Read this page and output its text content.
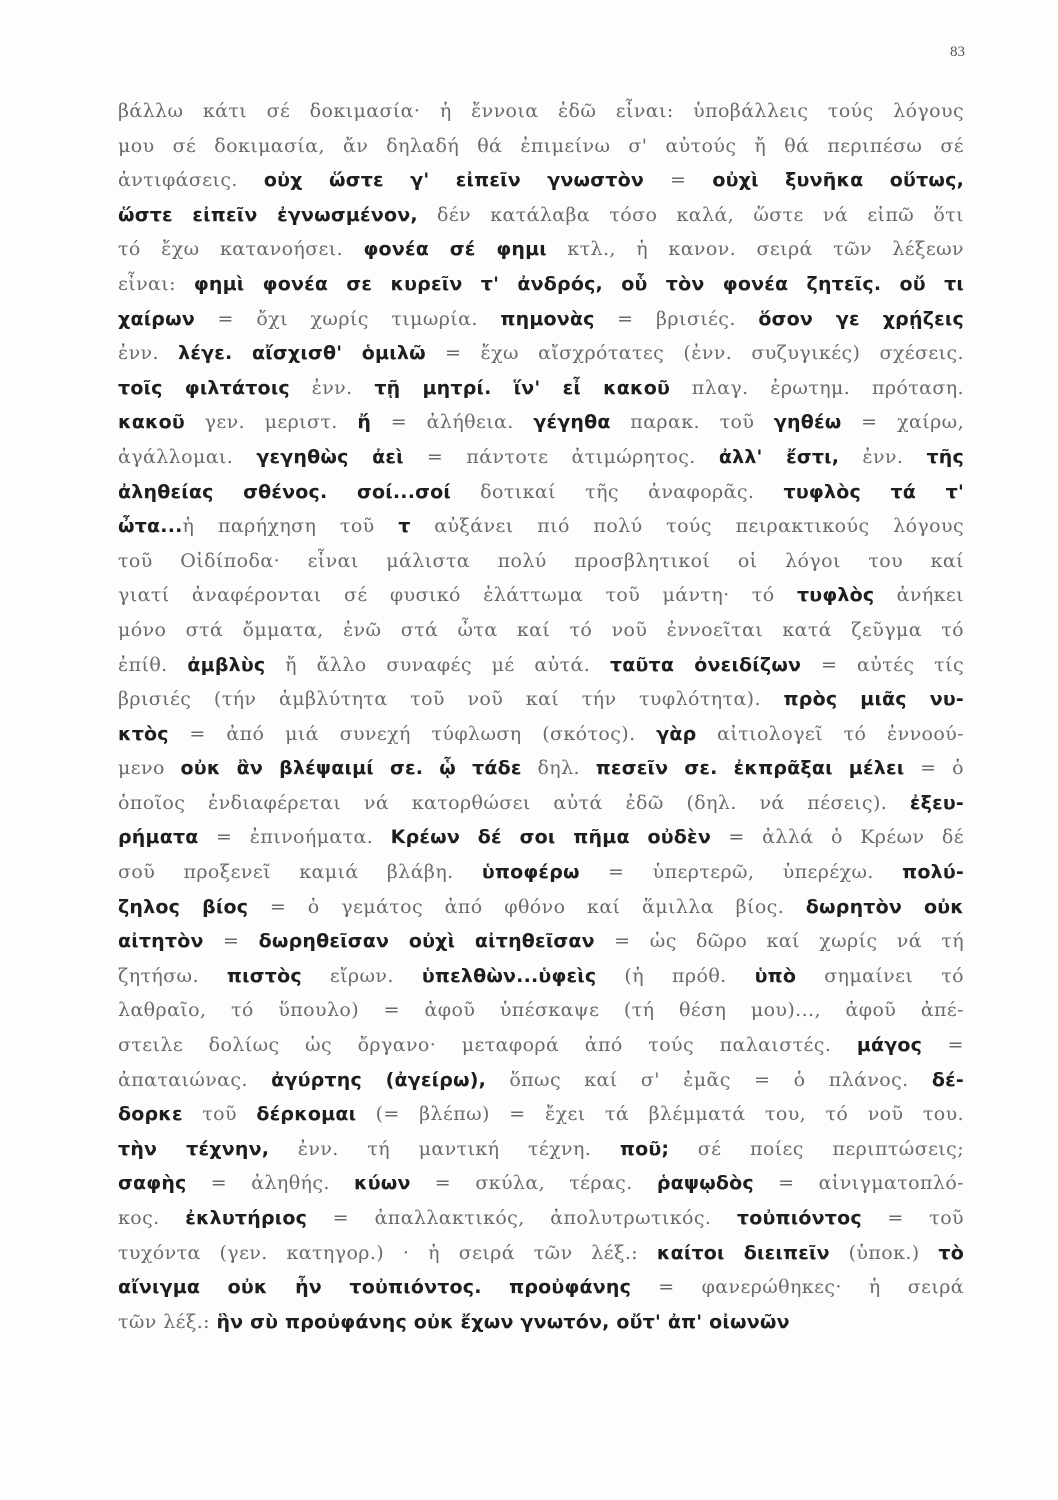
83
βάλλω κάτι σέ δοκιμασία· ἡ ἔννοια ἐδῶ εἶναι: ὑποβάλλεις τούς λόγους
μου σέ δοκιμασία, ἄν δηλαδή θά ἐπιμείνω σ' αὐτούς ἤ θά περιπέσω σέ
ἀντιφάσεις. οὐχ ὥστε γ' εἰπεῖν γνωστὸν = οὐχὶ ξυνῆκα οὕτως,
ὥστε εἰπεῖν ἐγνωσμένον, δέν κατάλαβα τόσο καλά, ὥστε νά εἰπῶ ὅτι
τό ἔχω κατανοήσει. φονέα σέ φημι κτλ., ἡ κανον. σειρά τῶν λέξεων
εἶναι: φημὶ φονέα σε κυρεῖν τ' ἀνδρός, οὗ τὸν φονέα ζητεῖς. οὔ τι
χαίρων = ὄχι χωρίς τιμωρία. πημονὰς = βρισιές. ὅσον γε χρῄζεις
ἐνν. λέγε. αἴσχισθ' ὁμιλῶ = ἔχω αἴσχρότατες (ἐνν. συζυγικές) σχέσεις.
τοῖς φιλτάτοις ἐνν. τῇ μητρί. ἵν' εἶ κακοῦ πλαγ. ἐρωτημ. πρόταση.
κακοῦ γεν. μεριστ. ἤ = ἀλήθεια. γέγηθα παρακ. τοῦ γηθέω = χαίρω,
ἀγάλλομαι. γεγηθὼς ἀεὶ = πάντοτε ἀτιμώρητος. ἀλλ' ἔστι, ἐνν. τῆς
ἀληθείας σθένος. σοί...σοί δοτικαί τῆς ἀναφορᾶς. τυφλὸς τά τ'
ὦτα...ἡ παρήχηση τοῦ τ αὐξάνει πιό πολύ τούς πειρακτικούς λόγους
τοῦ Οἰδίποδα· εἶναι μάλιστα πολύ προσβλητικοί οἱ λόγοι του καί
γιατί ἀναφέρονται σέ φυσικό ἐλάττωμα τοῦ μάντη· τό τυφλὸς ἀνήκει
μόνο στά ὄμματα, ἐνῶ στά ὦτα καί τό νοῦ ἐννοεῖται κατά ζεῦγμα τό
ἐπίθ. ἀμβλὺς ἤ ἄλλο συναφές μέ αὐτά. ταῦτα ὀνειδίζων = αὐτές τίς
βρισιές (τήν ἀμβλύτητα τοῦ νοῦ καί τήν τυφλότητα). πρὸς μιᾶς νυ-
κτὸς = ἀπό μιά συνεχή τύφλωση (σκότος). γὰρ αἰτιολογεῖ τό ἐννοού-
μενο οὐκ ἂν βλέψαιμί σε. ᾧ τάδε δηλ. πεσεῖν σε. ἐκπρᾶξαι μέλει = ὁ
ὁποῖος ἐνδιαφέρεται νά κατορθώσει αὐτά ἐδῶ (δηλ. νά πέσεις). ἐξευ-
ρήματα = ἐπινοήματα. Κρέων δέ σοι πῆμα οὐδὲν = ἀλλά ὁ Κρέων δέ
σοῦ προξενεῖ καμιά βλάβη. ὑποφέρω = ὑπερτερῶ, ὑπερέχω. πολύ-
ζηλος βίος = ὁ γεμάτος ἀπό φθόνο καί ἅμιλλα βίος. δωρητὸν οὐκ
αἰτητὸν = δωρηθεῖσαν οὐχὶ αἰτηθεῖσαν = ὡς δῶρο καί χωρίς νά τή
ζητήσω. πιστὸς εἴρων. ὑπελθὼν...ὑφεὶς (ἡ πρόθ. ὑπὸ σημαίνει τό
λαθραῖο, τό ὕπουλο) = ἀφοῦ ὑπέσκαψε (τή θέση μου)..., ἀφοῦ ἀπέ-
στειλε δολίως ὡς ὄργανο· μεταφορά ἀπό τούς παλαιστές. μάγος =
ἀπαταιώνας. ἀγύρτης (ἀγείρω), ὅπως καί σ' ἐμᾶς = ὁ πλάνος. δέ-
δορκε τοῦ δέρκομαι (= βλέπω) = ἔχει τά βλέμματά του, τό νοῦ του.
τὴν τέχνην, ἐνν. τή μαντική τέχνη. ποῦ; σέ ποίες περιπτώσεις;
σαφὴς = ἀληθής. κύων = σκύλα, τέρας. ῥαψῳδὸς = αἰνιγματοπλό-
κος. ἐκλυτήριος = ἀπαλλακτικός, ἀπολυτρωτικός. τοὐπιόντος = τοῦ
τυχόντα (γεν. κατηγορ.) · ἡ σειρά τῶν λέξ.: καίτοι διειπεῖν (ὑποκ.) τὸ
αἴνιγμα οὐκ ἦν τοὐπιόντος. προὐφάνης = φανερώθηκες· ἡ σειρά
τῶν λέξ.: ἣν σὺ προὐφάνης οὐκ ἔχων γνωτόν, οὔτ' ἀπ' οἰωνῶν
